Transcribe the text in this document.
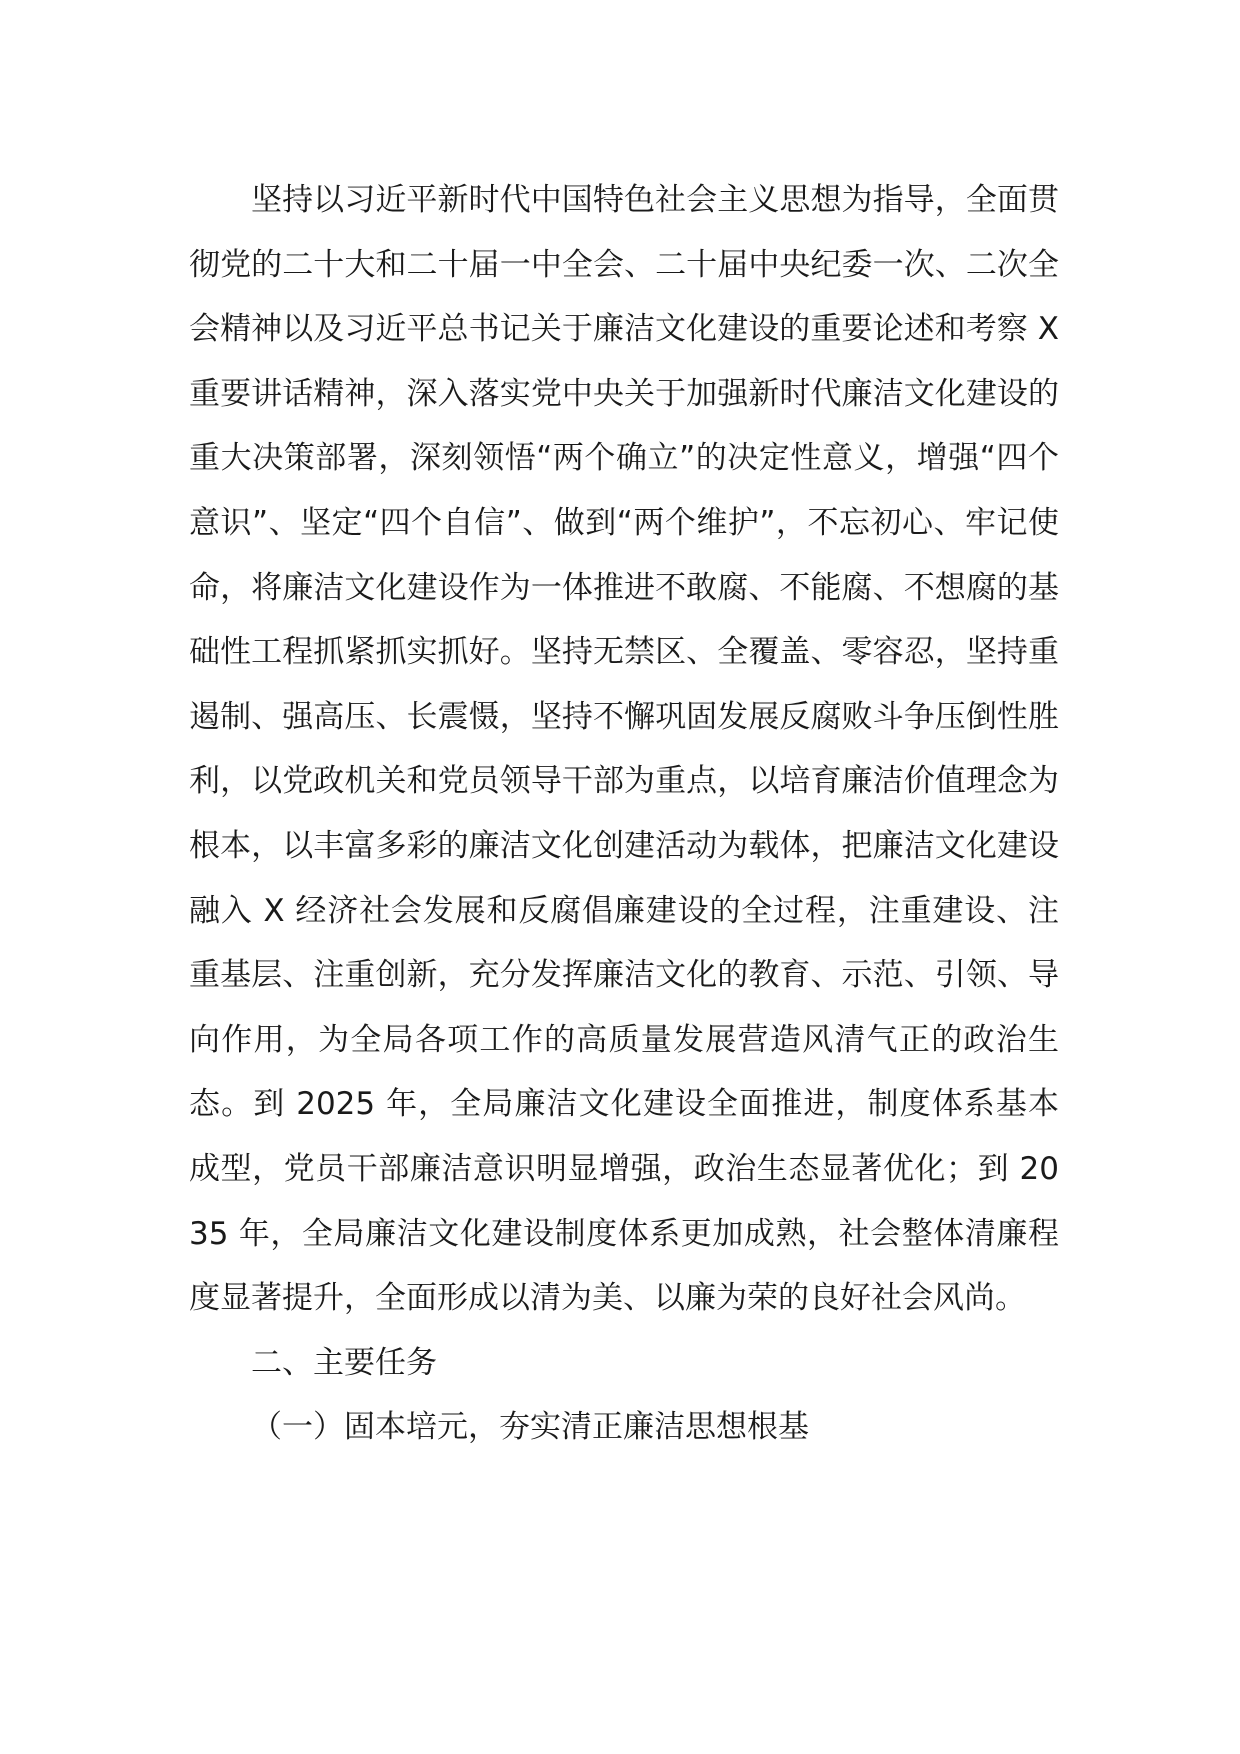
坚持以习近平新时代中国特色社会主义思想为指导，全面贯彻党的二十大和二十届一中全会、二十届中央纪委一次、二次全会精神以及习近平总书记关于廉洁文化建设的重要论述和考察 X 重要讲话精神，深入落实党中央关于加强新时代廉洁文化建设的重大决策部署，深刻领悟“两个确立”的决定性意义，增强“四个意识”、坚定“四个自信”、做到“两个维护”，不忘初心、牢记使命，将廉洁文化建设作为一体推进不敢腐、不能腐、不想腐的基础性工程抓紧抓实抓好。坚持无禁区、全覆盖、零容忍，坚持重遏制、强高压、长震慑，坚持不懈巩固发展反腐败斗争压倒性胜利，以党政机关和党员领导干部为重点，以培育廉洁价值理念为根本，以丰富多彩的廉洁文化创建活动为载体，把廉洁文化建设融入 X 经济社会发展和反腐倡廉建设的全过程，注重建设、注重基层、注重创新，充分发挥廉洁文化的教育、示范、引领、导向作用，为全局各项工作的高质量发展营造风清气正的政治生态。到 2025 年，全局廉洁文化建设全面推进，制度体系基本成型，党员干部廉洁意识明显增强，政治生态显著优化；到 2035 年，全局廉洁文化建设制度体系更加成熟，社会整体清廉程度显著提升，全面形成以清为美、以廉为荣的良好社会风尚。

二、主要任务

（一）固本培元，夯实清正廉洁思想根基
